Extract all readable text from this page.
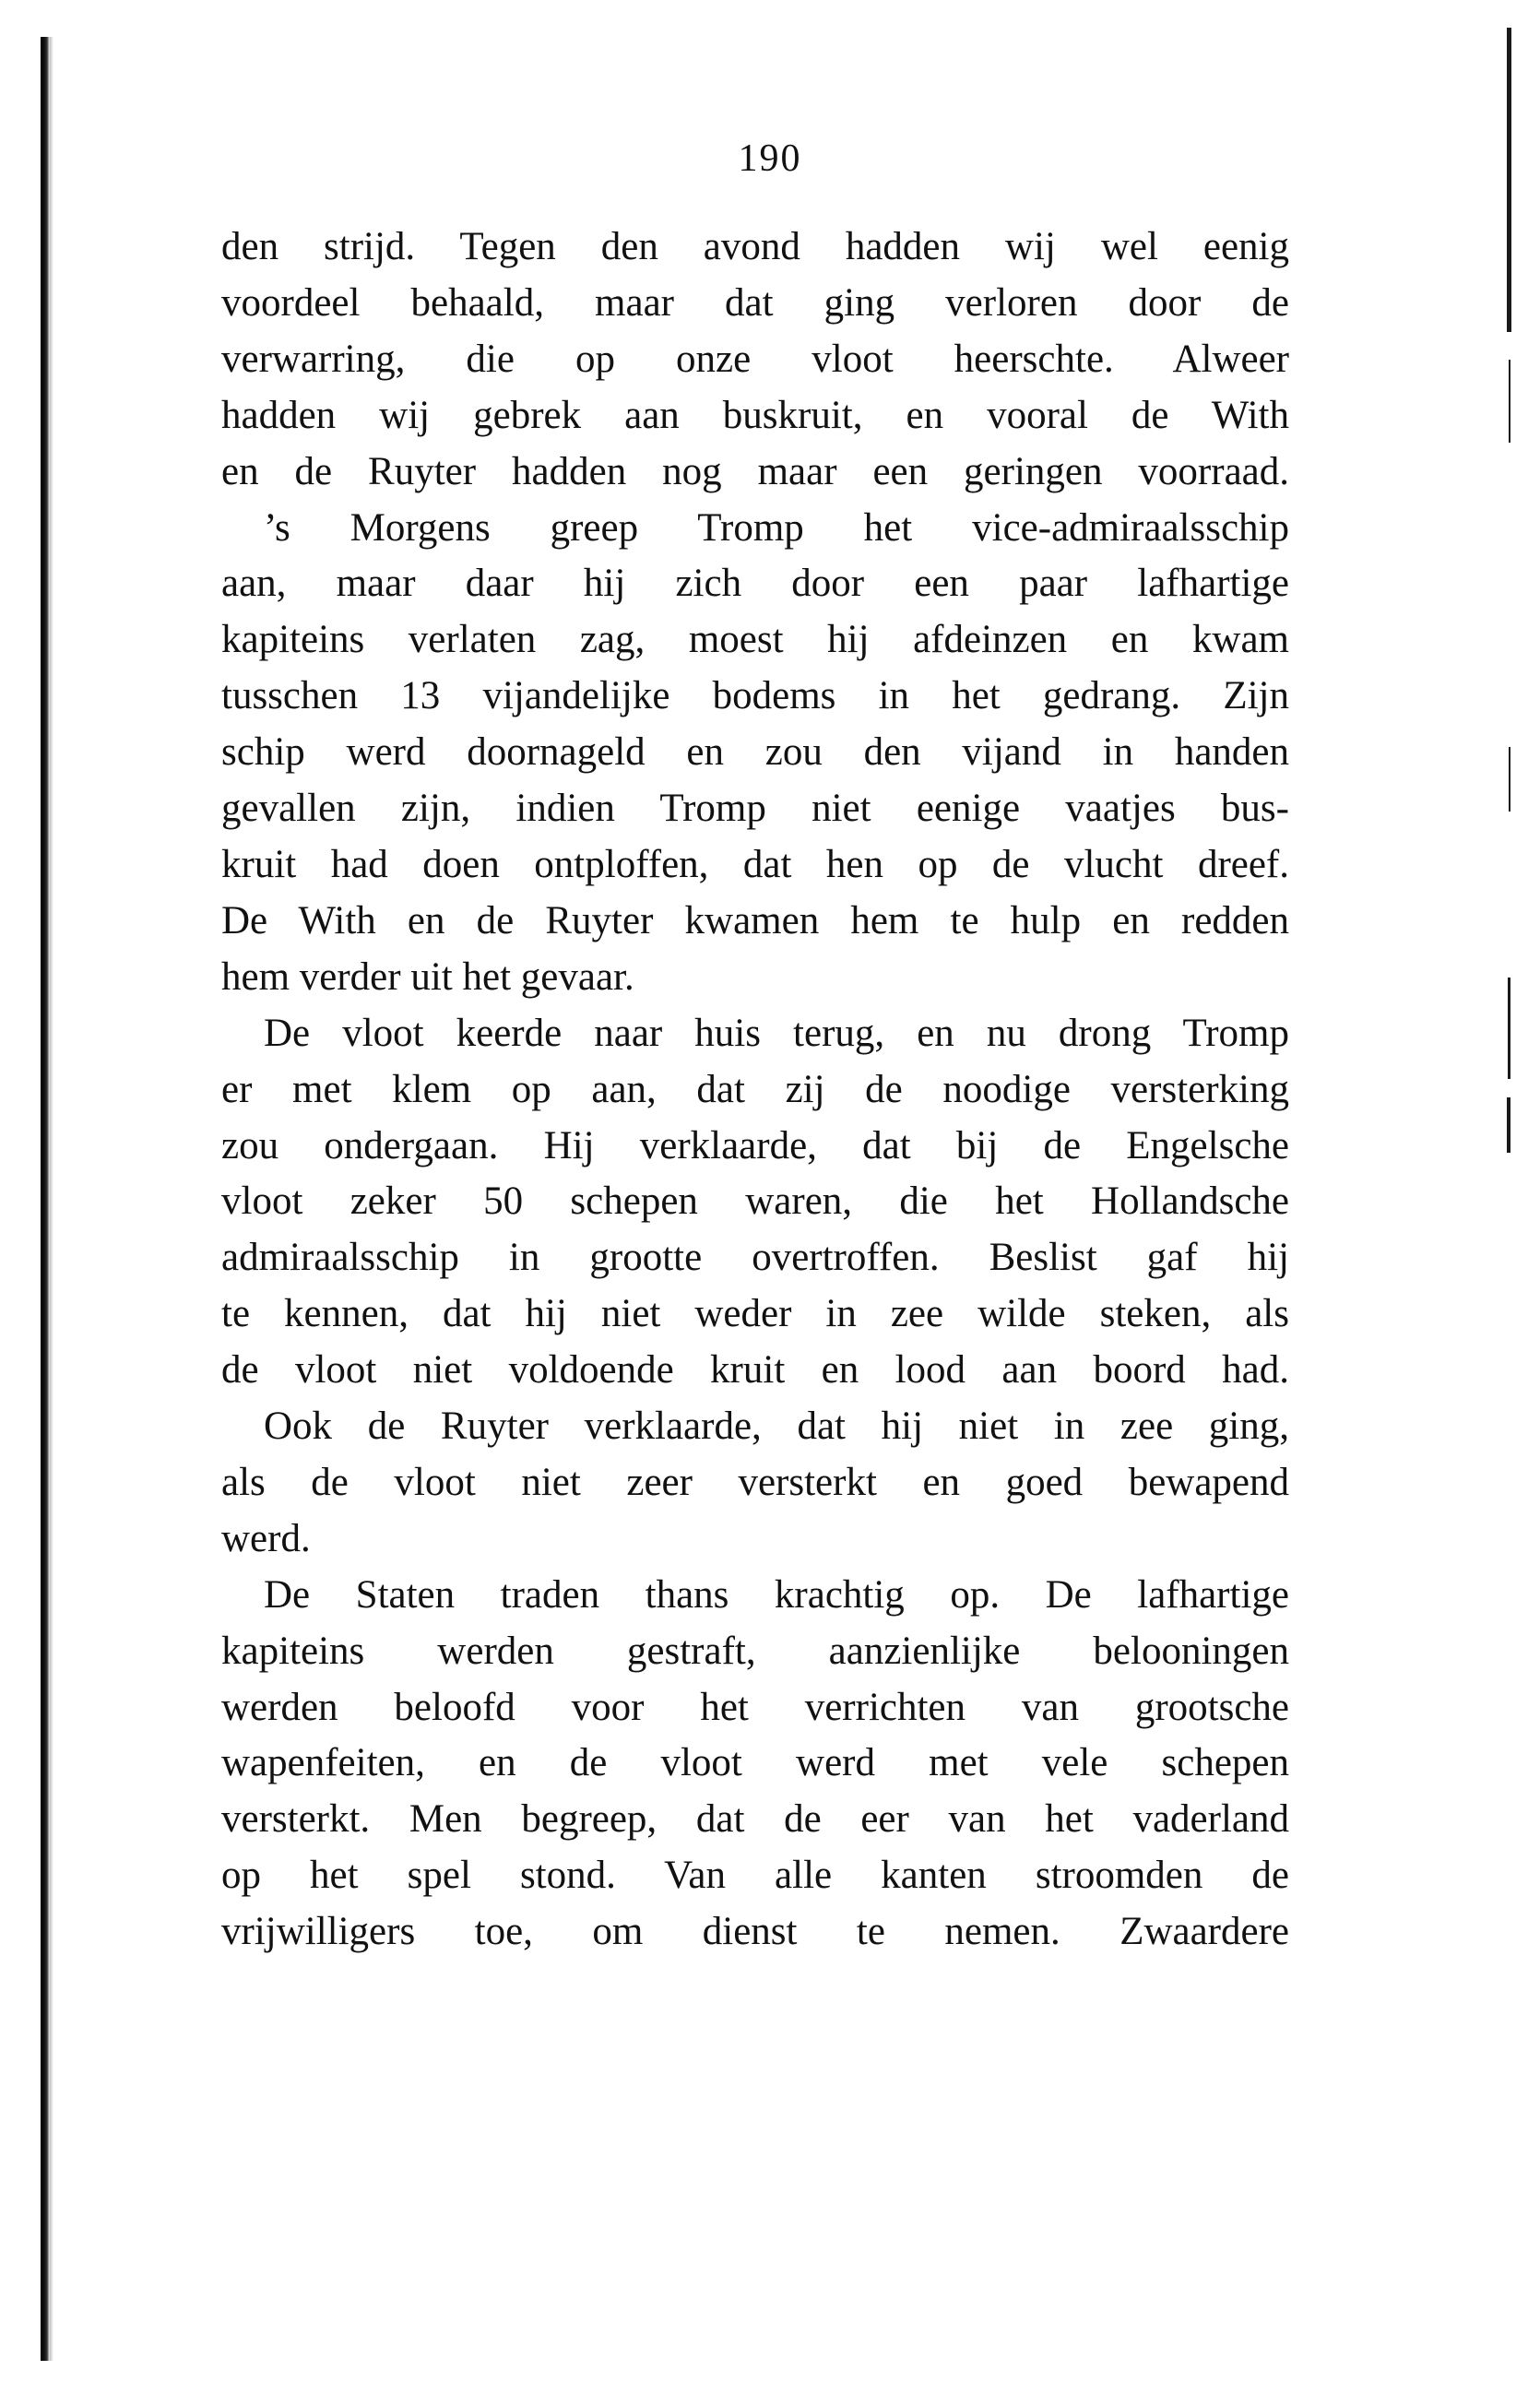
190
den strijd. Tegen den avond hadden wij wel eenig
voordeel behaald, maar dat ging verloren door de
verwarring, die op onze vloot heerschte. Alweer
hadden wij gebrek aan buskruit, en vooral de With
en de Ruyter hadden nog maar een geringen voorraad.
’s Morgens greep Tromp het vice-admiraalsschip
aan, maar daar hij zich door een paar lafhartige
kapiteins verlaten zag, moest hij afdeinzen en kwam
tusschen 13 vijandelijke bodems in het gedrang. Zijn
schip werd doornageld en zou den vijand in handen
gevallen zijn, indien Tromp niet eenige vaatjes bus-
kruit had doen ontploffen, dat hen op de vlucht dreef.
De With en de Ruyter kwamen hem te hulp en redden
hem verder uit het gevaar.
De vloot keerde naar huis terug, en nu drong Tromp
er met klem op aan, dat zij de noodige versterking
zou ondergaan. Hij verklaarde, dat bij de Engelsche
vloot zeker 50 schepen waren, die het Hollandsche
admiraalsschip in grootte overtroffen. Beslist gaf hij
te kennen, dat hij niet weder in zee wilde steken, als
de vloot niet voldoende kruit en lood aan boord had.
Ook de Ruyter verklaarde, dat hij niet in zee ging,
als de vloot niet zeer versterkt en goed bewapend
werd.
De Staten traden thans krachtig op. De lafhartige
kapiteins werden gestraft, aanzienlijke belooningen
werden beloofd voor het verrichten van grootsche
wapenfeiten, en de vloot werd met vele schepen
versterkt. Men begreep, dat de eer van het vaderland
op het spel stond. Van alle kanten stroomden de
vrijwilligers toe, om dienst te nemen. Zwaardere
